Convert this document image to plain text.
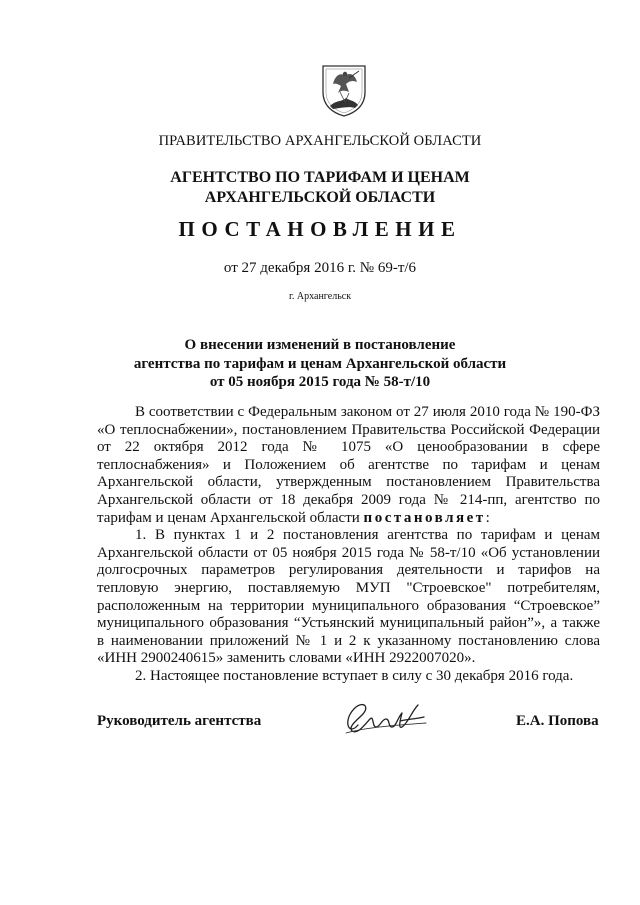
ПРАВИТЕЛЬСТВО АРХАНГЕЛЬСКОЙ ОБЛАСТИ
АГЕНТСТВО ПО ТАРИФАМ И ЦЕНАМ
АРХАНГЕЛЬСКОЙ ОБЛАСТИ
ПОСТАНОВЛЕНИЕ
от 27 декабря 2016 г. № 69-т/6
г. Архангельск
О внесении изменений в постановление
агентства по тарифам и ценам Архангельской области
от 05 ноября 2015 года № 58-т/10

В соответствии с Федеральным законом от 27 июля 2010 года № 190-ФЗ «О теплоснабжении», постановлением Правительства Российской Федерации от 22 октября 2012 года № 1075 «О ценообразовании в сфере теплоснабжения» и Положением об агентстве по тарифам и ценам Архангельской области, утвержденным постановлением Правительства Архангельской области от 18 декабря 2009 года № 214-пп, агентство по тарифам и ценам Архангельской области постановляет:

1. В пунктах 1 и 2 постановления агентства по тарифам и ценам Архангельской области от 05 ноября 2015 года № 58-т/10 «Об установлении долгосрочных параметров регулирования деятельности и тарифов на тепловую энергию, поставляемую МУП "Строевское" потребителям, расположенным на территории муниципального образования “Строевское” муниципального образования “Устьянский муниципальный район”», а также в наименовании приложений № 1 и 2 к указанному постановлению слова «ИНН 2900240615» заменить словами «ИНН 2922007020».

2. Настоящее постановление вступает в силу с 30 декабря 2016 года.

Руководитель агентства	Е.А. Попова
